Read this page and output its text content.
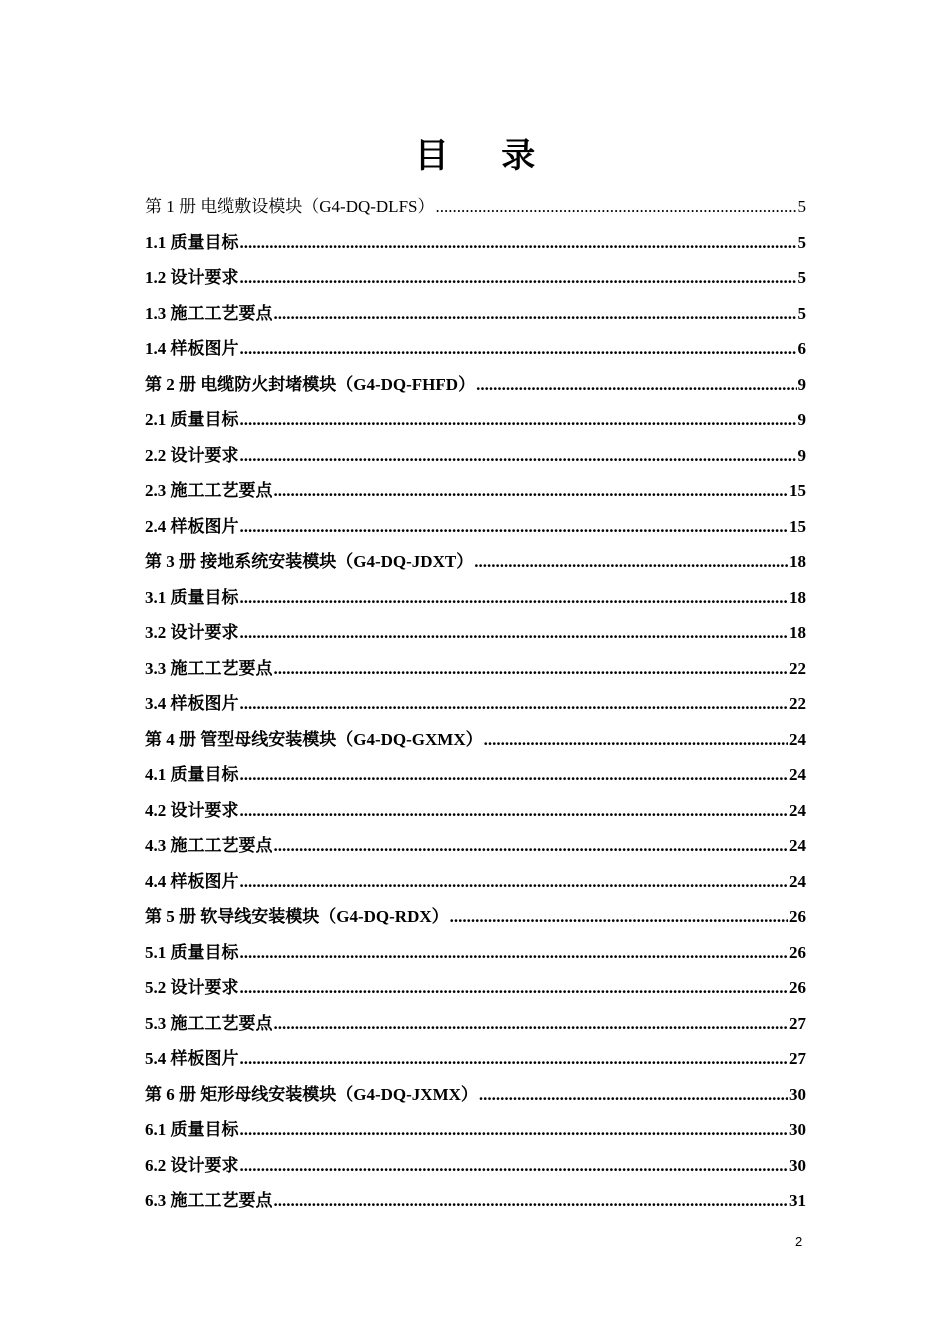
目 录
第 1 册 电缆敷设模块（G4-DQ-DLFS） .....	5
1.1 质量目标 .....	5
1.2 设计要求 .....	5
1.3 施工工艺要点 .....	5
1.4 样板图片 .....	6
第 2 册 电缆防火封堵模块（G4-DQ-FHFD） .....	9
2.1 质量目标 .....	9
2.2 设计要求 .....	9
2.3 施工工艺要点 .....	15
2.4 样板图片 .....	15
第 3 册 接地系统安装模块（G4-DQ-JDXT） .....	18
3.1 质量目标 .....	18
3.2 设计要求 .....	18
3.3 施工工艺要点 .....	22
3.4 样板图片 .....	22
第 4 册 管型母线安装模块（G4-DQ-GXMX） .....	24
4.1 质量目标 .....	24
4.2 设计要求 .....	24
4.3 施工工艺要点 .....	24
4.4 样板图片 .....	24
第 5 册 软导线安装模块（G4-DQ-RDX） .....	26
5.1 质量目标 .....	26
5.2 设计要求 .....	26
5.3 施工工艺要点 .....	27
5.4 样板图片 .....	27
第 6 册 矩形母线安装模块（G4-DQ-JXMX） .....	30
6.1 质量目标 .....	30
6.2 设计要求 .....	30
6.3 施工工艺要点 .....	31
2
